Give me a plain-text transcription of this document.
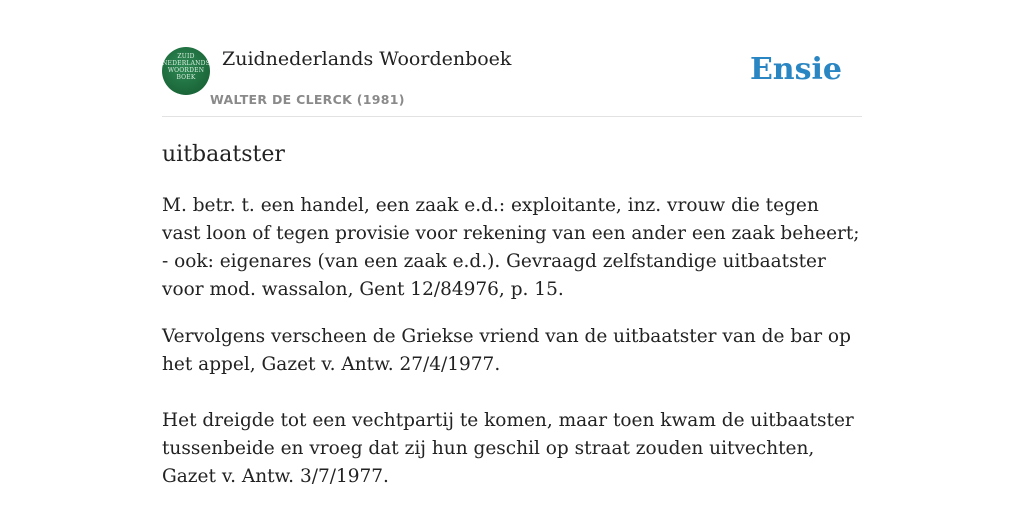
ZUID
NEDERLANDS
WOORDEN
BOEK
Zuidnederlands Woordenboek
WALTER DE CLERCK (1981)
Ensie
uitbaatster

M. betr. t. een handel, een zaak e.d.: exploitante, inz. vrouw die tegen vast loon of tegen provisie voor rekening van een ander een zaak beheert; - ook: eigenares (van een zaak e.d.). Gevraagd zelfstandige uitbaatster voor mod. wassalon, Gent 12/84976, p. 15.

Vervolgens verscheen de Griekse vriend van de uitbaatster van de bar op het appel, Gazet v. Antw. 27/4/1977.

Het dreigde tot een vechtpartij te komen, maar toen kwam de uitbaatster tussenbeide en vroeg dat zij hun geschil op straat zouden uitvechten, Gazet v. Antw. 3/7/1977.
